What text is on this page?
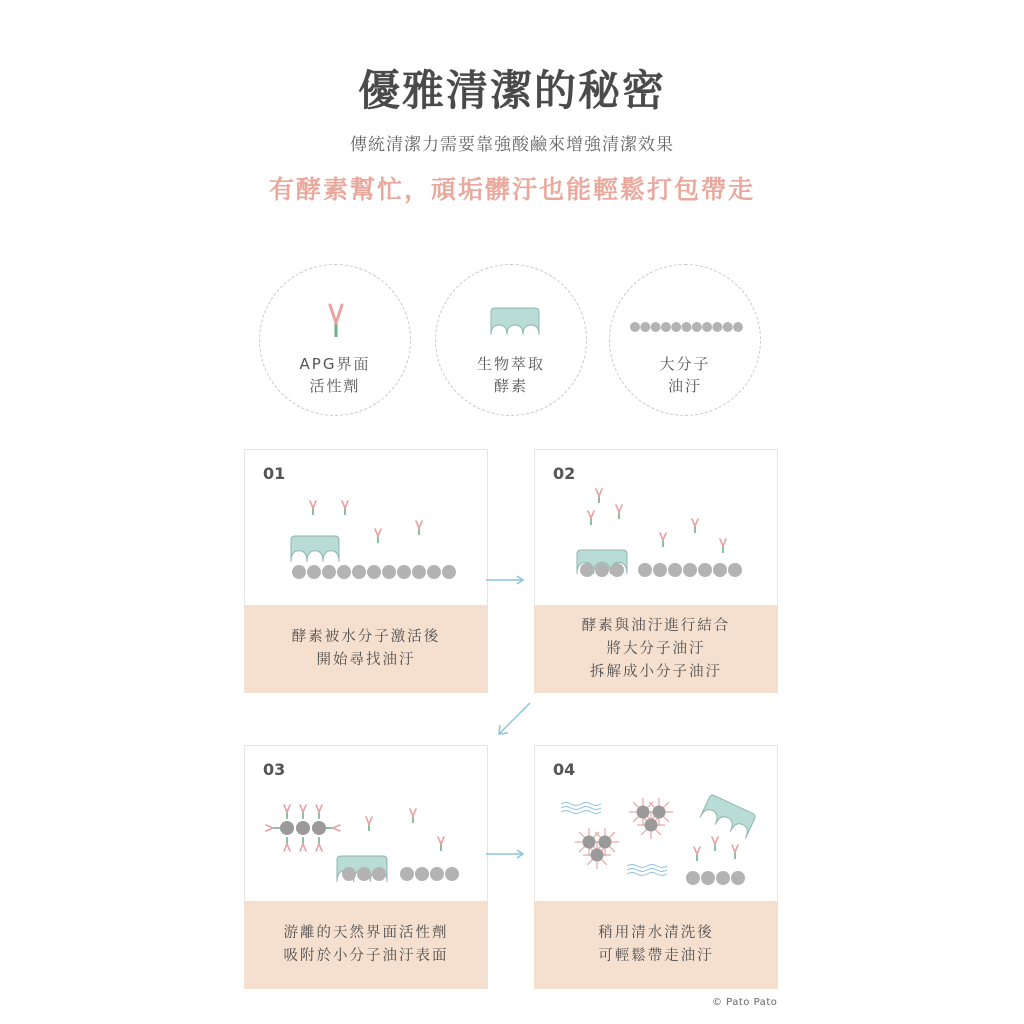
優雅清潔的秘密
傳統清潔力需要靠強酸鹼來增強清潔效果
有酵素幫忙，頑垢髒汙也能輕鬆打包帶走
APG界面
活性劑
生物萃取
酵素
大分子
油汙
01
酵素被水分子激活後
開始尋找油汙
02
酵素與油汙進行結合
將大分子油汙
拆解成小分子油汙
03
游離的天然界面活性劑
吸附於小分子油汙表面
04
稍用清水清洗後
可輕鬆帶走油汙
© Pato Pato
